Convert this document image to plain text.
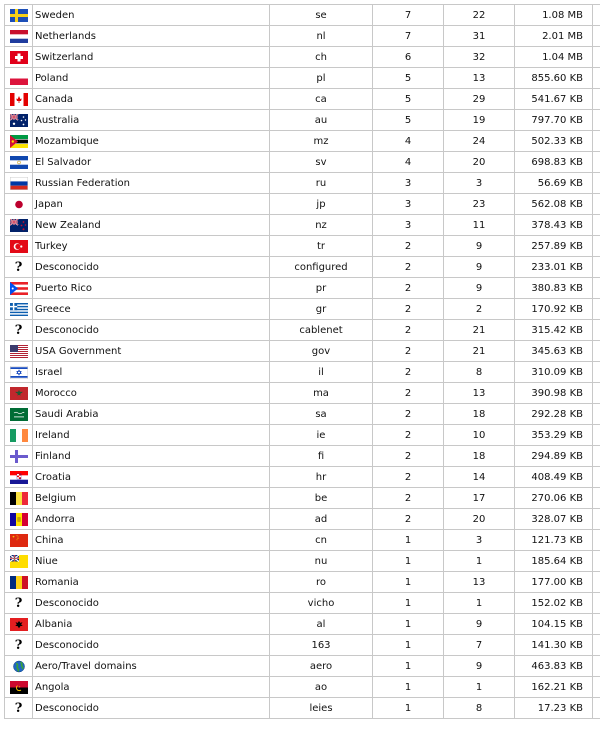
	Sweden	se	7	22	1.08 MB	

	Netherlands	nl	7	31	2.01 MB	

	Switzerland	ch	6	32	1.04 MB	

	Poland	pl	5	13	855.60 KB	

	Canada	ca	5	29	541.67 KB	

	Australia	au	5	19	797.70 KB	

	Mozambique	mz	4	24	502.33 KB	

	El Salvador	sv	4	20	698.83 KB	

	Russian Federation	ru	3	3	56.69 KB	

	Japan	jp	3	23	562.08 KB	

	New Zealand	nz	3	11	378.43 KB	

	Turkey	tr	2	9	257.89 KB	
?	Desconocido	configured	2	9	233.01 KB	

	Puerto Rico	pr	2	9	380.83 KB	

	Greece	gr	2	2	170.92 KB	
?	Desconocido	cablenet	2	21	315.42 KB	

	USA Government	gov	2	21	345.63 KB	

	Israel	il	2	8	310.09 KB	

	Morocco	ma	2	13	390.98 KB	

	Saudi Arabia	sa	2	18	292.28 KB	

	Ireland	ie	2	10	353.29 KB	

	Finland	fi	2	18	294.89 KB	

	Croatia	hr	2	14	408.49 KB	

	Belgium	be	2	17	270.06 KB	

	Andorra	ad	2	20	328.07 KB	

	China	cn	1	3	121.73 KB	

	Niue	nu	1	1	185.64 KB	

	Romania	ro	1	13	177.00 KB	
?	Desconocido	vicho	1	1	152.02 KB	

	Albania	al	1	9	104.15 KB	
?	Desconocido	163	1	7	141.30 KB	

	Aero/Travel domains	aero	1	9	463.83 KB	

	Angola	ao	1	1	162.21 KB	
?	Desconocido	leies	1	8	17.23 KB	
